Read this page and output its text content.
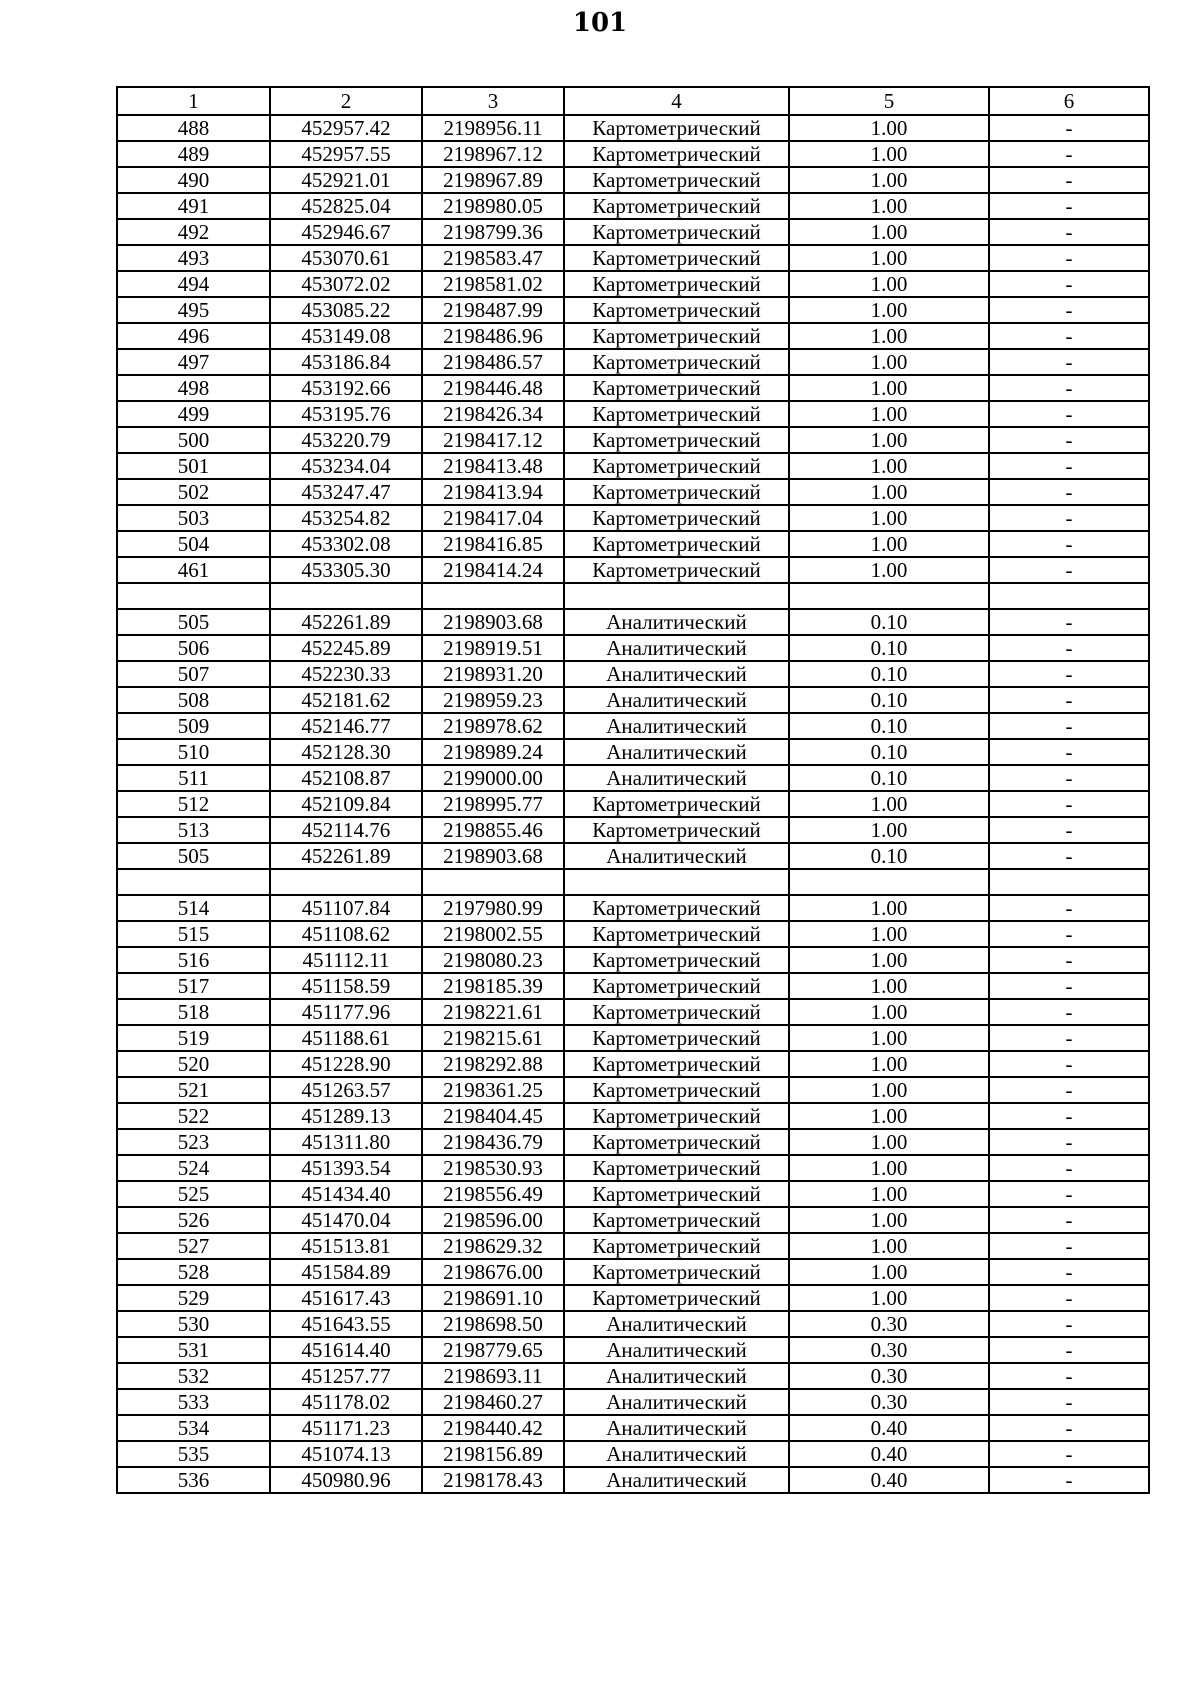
101
1	2	3	4	5	6
488	452957.42	2198956.11	Картометрический	1.00	-
489	452957.55	2198967.12	Картометрический	1.00	-
490	452921.01	2198967.89	Картометрический	1.00	-
491	452825.04	2198980.05	Картометрический	1.00	-
492	452946.67	2198799.36	Картометрический	1.00	-
493	453070.61	2198583.47	Картометрический	1.00	-
494	453072.02	2198581.02	Картометрический	1.00	-
495	453085.22	2198487.99	Картометрический	1.00	-
496	453149.08	2198486.96	Картометрический	1.00	-
497	453186.84	2198486.57	Картометрический	1.00	-
498	453192.66	2198446.48	Картометрический	1.00	-
499	453195.76	2198426.34	Картометрический	1.00	-
500	453220.79	2198417.12	Картометрический	1.00	-
501	453234.04	2198413.48	Картометрический	1.00	-
502	453247.47	2198413.94	Картометрический	1.00	-
503	453254.82	2198417.04	Картометрический	1.00	-
504	453302.08	2198416.85	Картометрический	1.00	-
461	453305.30	2198414.24	Картометрический	1.00	-

505	452261.89	2198903.68	Аналитический	0.10	-
506	452245.89	2198919.51	Аналитический	0.10	-
507	452230.33	2198931.20	Аналитический	0.10	-
508	452181.62	2198959.23	Аналитический	0.10	-
509	452146.77	2198978.62	Аналитический	0.10	-
510	452128.30	2198989.24	Аналитический	0.10	-
511	452108.87	2199000.00	Аналитический	0.10	-
512	452109.84	2198995.77	Картометрический	1.00	-
513	452114.76	2198855.46	Картометрический	1.00	-
505	452261.89	2198903.68	Аналитический	0.10	-

514	451107.84	2197980.99	Картометрический	1.00	-
515	451108.62	2198002.55	Картометрический	1.00	-
516	451112.11	2198080.23	Картометрический	1.00	-
517	451158.59	2198185.39	Картометрический	1.00	-
518	451177.96	2198221.61	Картометрический	1.00	-
519	451188.61	2198215.61	Картометрический	1.00	-
520	451228.90	2198292.88	Картометрический	1.00	-
521	451263.57	2198361.25	Картометрический	1.00	-
522	451289.13	2198404.45	Картометрический	1.00	-
523	451311.80	2198436.79	Картометрический	1.00	-
524	451393.54	2198530.93	Картометрический	1.00	-
525	451434.40	2198556.49	Картометрический	1.00	-
526	451470.04	2198596.00	Картометрический	1.00	-
527	451513.81	2198629.32	Картометрический	1.00	-
528	451584.89	2198676.00	Картометрический	1.00	-
529	451617.43	2198691.10	Картометрический	1.00	-
530	451643.55	2198698.50	Аналитический	0.30	-
531	451614.40	2198779.65	Аналитический	0.30	-
532	451257.77	2198693.11	Аналитический	0.30	-
533	451178.02	2198460.27	Аналитический	0.30	-
534	451171.23	2198440.42	Аналитический	0.40	-
535	451074.13	2198156.89	Аналитический	0.40	-
536	450980.96	2198178.43	Аналитический	0.40	-
